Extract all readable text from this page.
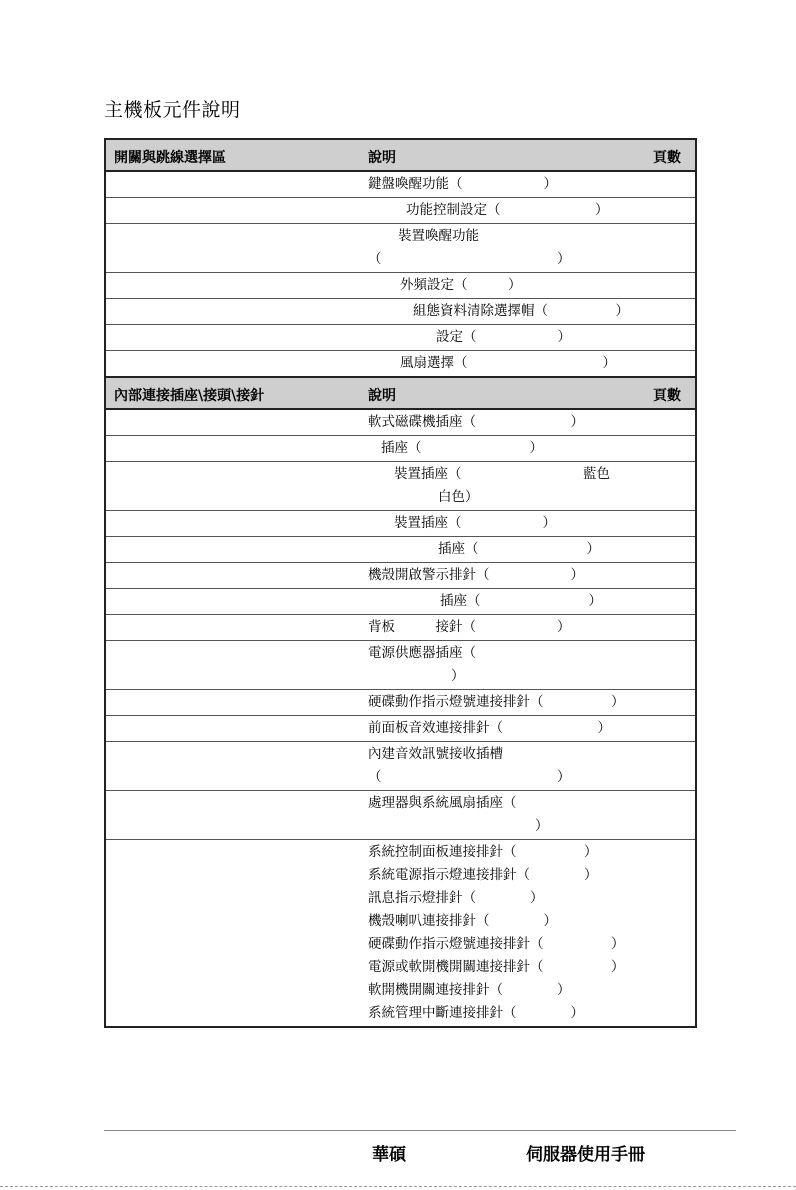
主機板元件說明
開關與跳線選擇區	說明	頁數
鍵盤喚醒功能（　　　　　　）
功能控制設定（　　　　　　　）
裝置喚醒功能
（　　　　　　　　　　　　　）
外頻設定（　　　）
組態資料清除選擇帽（　　　　　）
設定（　　　　　　）
風扇選擇（　　　　　　　　　　）
內部連接插座\接頭\接針	說明	頁數
軟式磁碟機插座（　　　　　　　）
插座（　　　　　　　　）
裝置插座（　　　　　　　　　藍色
白色）
裝置插座（　　　　　　）
插座（　　　　　　　　）
機殼開啟警示排針（　　　　　　）
插座（　　　　　　　　）
背板　　　接針（　　　　　　）
電源供應器插座（
）
硬碟動作指示燈號連接排針（　　　　　）
前面板音效連接排針（　　　　　　　）
內建音效訊號接收插槽
（　　　　　　　　　　　　　）
處理器與系統風扇插座（
）
系統控制面板連接排針（　　　　　）
系統電源指示燈連接排針（　　　　）
訊息指示燈排針（　　　　）
機殼喇叭連接排針（　　　　）
硬碟動作指示燈號連接排針（　　　　　）
電源或軟開機開關連接排針（　　　　　）
軟開機開關連接排針（　　　　）
系統管理中斷連接排針（　　　　）
華碩	伺服器使用手冊
